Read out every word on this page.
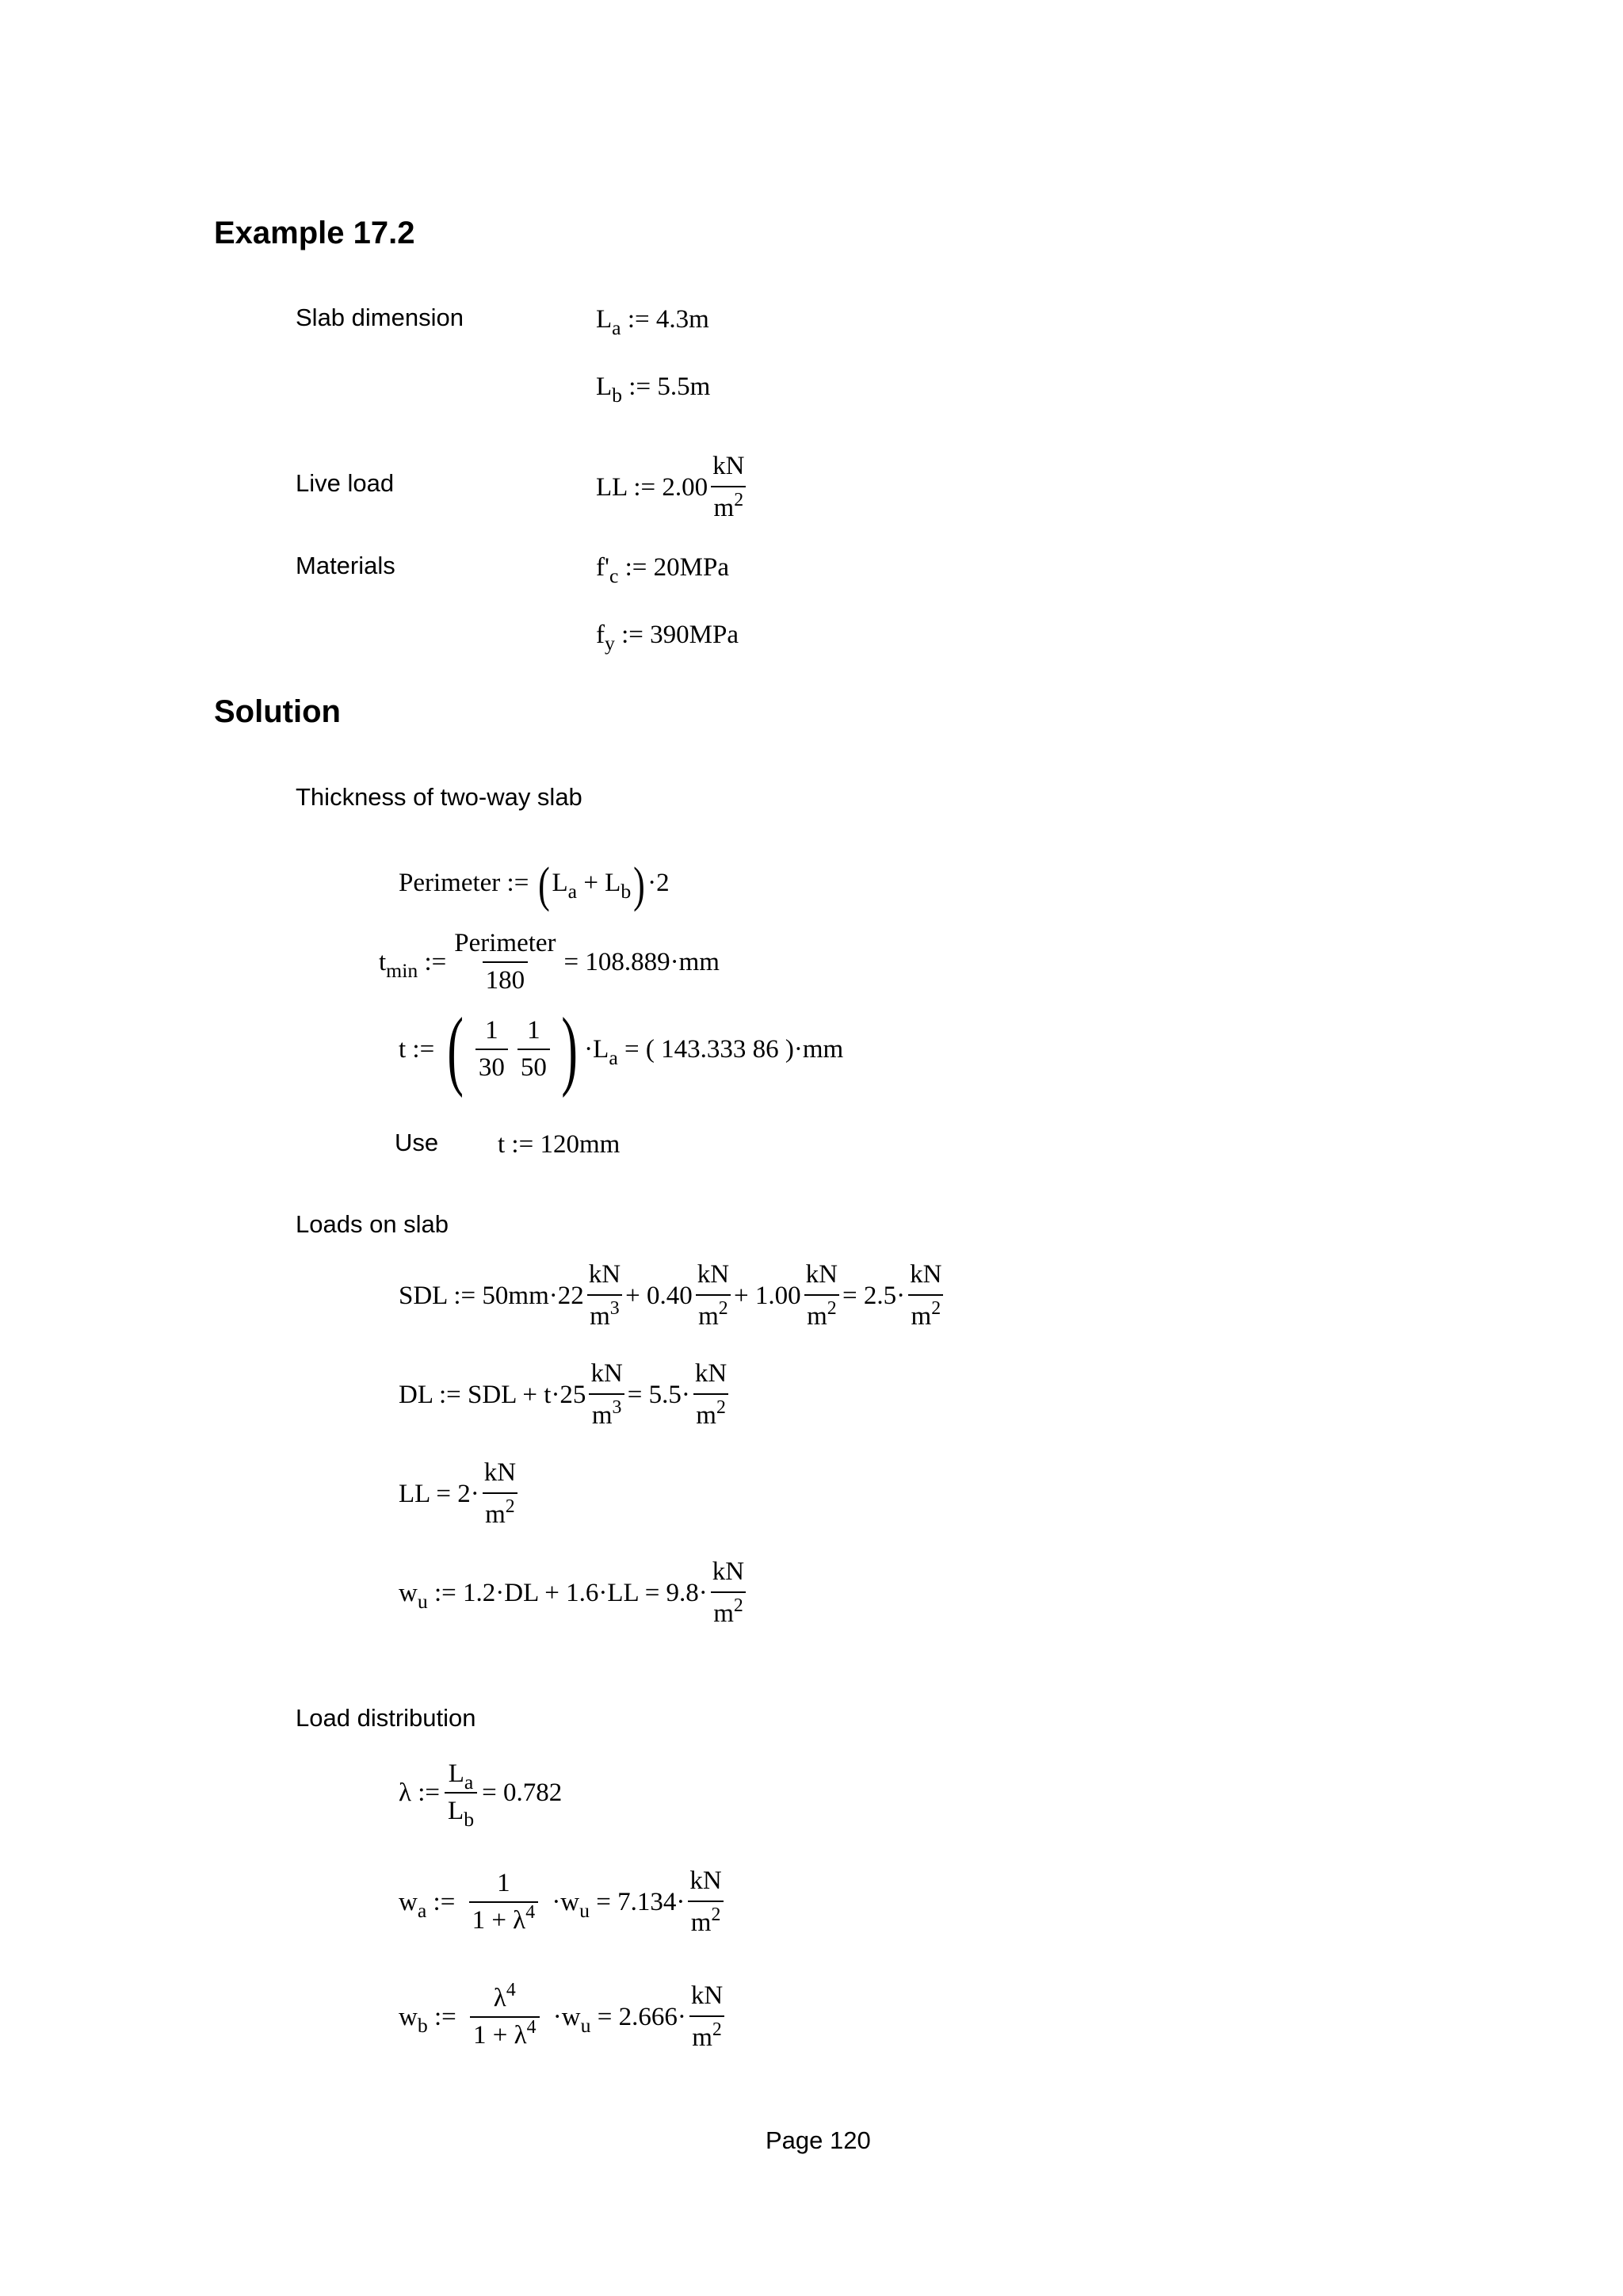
Example 17.2
Slab dimension	$L_a$ := 4.3m
$L_b$ := 5.5m
Live load	LL := $2.00 \frac{kN}{m^2}$
Materials	$f'_c$ := 20MPa
$f_y$ := 390MPa
Solution
Thickness of two-way slab
Perimeter := $(L_a + L_b)\cdot 2$
$t_{min}$ := $\frac{\text{Perimeter}}{180} = 108.889\cdot mm$
t := ( $\frac{1}{30} \frac{1}{50}$ ) $\cdot L_a$ = ( 143.333 86 )·mm
Use t := 120mm
Loads on slab
SDL := $50mm\cdot 22 \frac{kN}{m^3} + 0.40 \frac{kN}{m^2} + 1.00 \frac{kN}{m^2} = 2.5\cdot \frac{kN}{m^2}$
DL := SDL + $t\cdot 25 \frac{kN}{m^3} = 5.5\cdot \frac{kN}{m^2}$
LL = $2\cdot \frac{kN}{m^2}$
$w_u$ := $1.2\cdot DL + 1.6\cdot LL = 9.8\cdot \frac{kN}{m^2}$
Load distribution
λ := $\frac{L_a}{L_b} = 0.782$
$w_a$ := $\frac{1}{1 + \lambda^4} \cdot w_u = 7.134\cdot \frac{kN}{m^2}$
$w_b$ := $\frac{\lambda^4}{1 + \lambda^4} \cdot w_u = 2.666\cdot \frac{kN}{m^2}$
Page 120
